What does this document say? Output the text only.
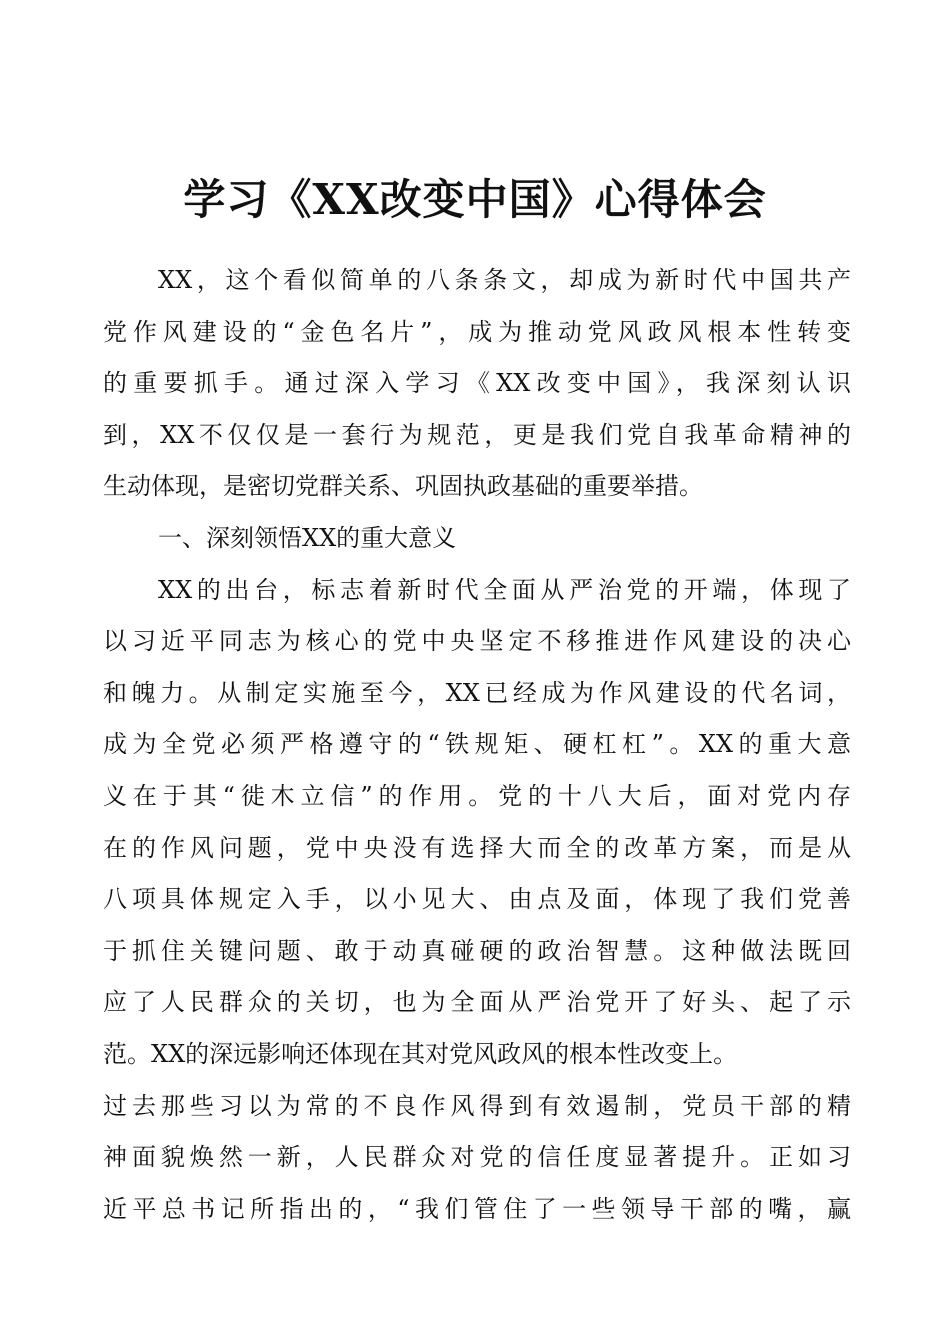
学习《XX改变中国》心得体会
XX，这个看似简单的八条条文，却成为新时代中国共产
党作风建设的“金色名片”，成为推动党风政风根本性转变
的重要抓手。通过深入学习《XX改变中国》，我深刻认识
到，XX不仅仅是一套行为规范，更是我们党自我革命精神的
生动体现，是密切党群关系、巩固执政基础的重要举措。
一、深刻领悟XX的重大意义
XX的出台，标志着新时代全面从严治党的开端，体现了
以习近平同志为核心的党中央坚定不移推进作风建设的决心
和魄力。从制定实施至今，XX已经成为作风建设的代名词，
成为全党必须严格遵守的“铁规矩、硬杠杠”。XX的重大意
义在于其“徙木立信”的作用。党的十八大后，面对党内存
在的作风问题，党中央没有选择大而全的改革方案，而是从
八项具体规定入手，以小见大、由点及面，体现了我们党善
于抓住关键问题、敢于动真碰硬的政治智慧。这种做法既回
应了人民群众的关切，也为全面从严治党开了好头、起了示
范。XX的深远影响还体现在其对党风政风的根本性改变上。
过去那些习以为常的不良作风得到有效遏制，党员干部的精
神面貌焕然一新，人民群众对党的信任度显著提升。正如习
近平总书记所指出的，“我们管住了一些领导干部的嘴，赢
